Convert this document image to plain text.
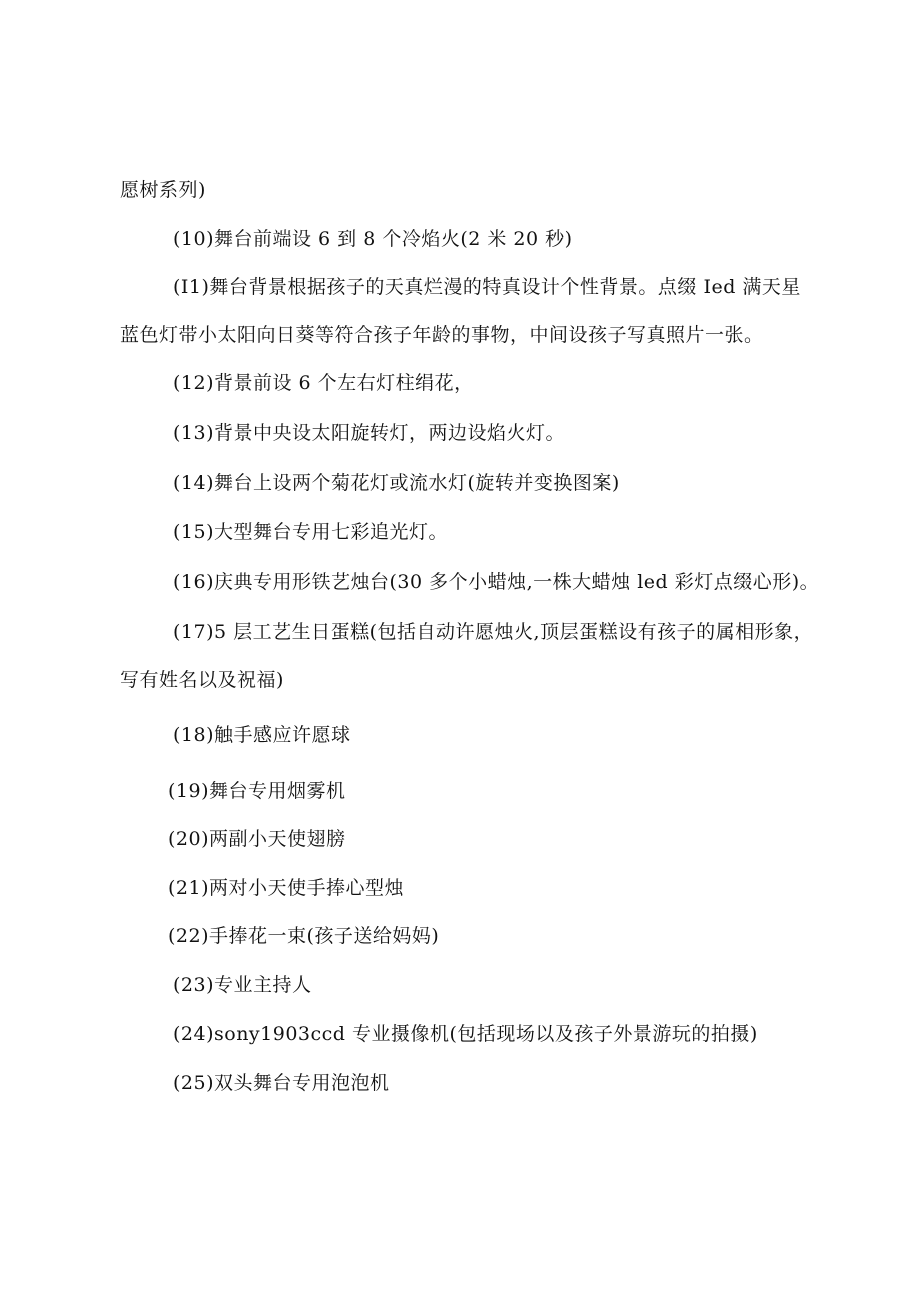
愿树系列)
(10)舞台前端设 6 到 8 个冷焰火(2 米 20 秒)
(I1)舞台背景根据孩子的天真烂漫的特真设计个性背景。点缀 Ied 满天星
蓝色灯带小太阳向日葵等符合孩子年龄的事物，中间设孩子写真照片一张。
(12)背景前设 6 个左右灯柱绢花，
(13)背景中央设太阳旋转灯，两边设焰火灯。
(14)舞台上设两个菊花灯或流水灯(旋转并变换图案)
(15)大型舞台专用七彩追光灯。
(16)庆典专用形铁艺烛台(30 多个小蜡烛,一株大蜡烛 led 彩灯点缀心形)。
(17)5 层工艺生日蛋糕(包括自动许愿烛火,顶层蛋糕设有孩子的属相形象，
写有姓名以及祝福)
(18)触手感应许愿球
(19)舞台专用烟雾机
(20)两副小天使翅膀
(21)两对小天使手捧心型烛
(22)手捧花一束(孩子送给妈妈)
(23)专业主持人
(24)sony1903ccd 专业摄像机(包括现场以及孩子外景游玩的拍摄)
(25)双头舞台专用泡泡机
